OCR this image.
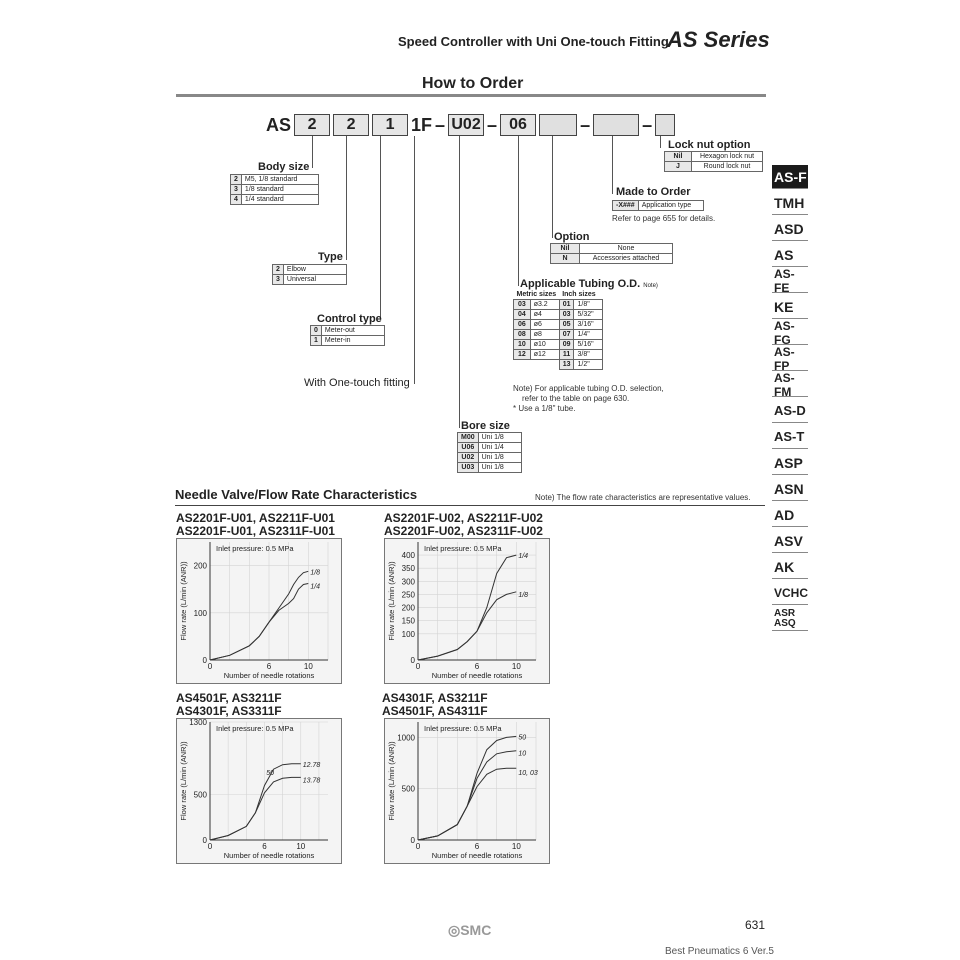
Speed Controller with Uni One-touch Fitting
AS Series
How to Order
AS	2	2	1 1F – U02 – 06	–	–
Body size
2	M5, 1/8 standard
3	1/8 standard
4	1/4 standard
Type
2	Elbow
3	Universal
Control type
0	Meter-out
1	Meter-in
With One-touch fitting
Bore size
M00	Uni 1/8
U06	Uni 1/4
U02	Uni 1/8
U03	Uni 1/8
Applicable Tubing O.D. Note)
Metric sizes		Inch sizes	
03	ø3.2	01	1/8"
04	ø4	03	5/32"
06	ø6	05	3/16"
08	ø8	07	1/4"
10	ø10	09	5/16"
12	ø12	11	3/8"
		13	1/2"
Note) For applicable tubing O.D. selection,
refer to the table on page 630.
* Use a 1/8" tube.
Option
Nil	None
N	Accessories attached
Made to Order
-X###	Application type
Refer to page 655 for details.
Lock nut option
Nil	Hexagon lock nut
J	Round lock nut
AS-F
TMH
ASD
AS
AS-FE
KE
AS-FG
AS-FP
AS-FM
AS-D
AS-T
ASP
ASN
AD
ASV
AK
VCHC
ASR ASQ
Needle Valve/Flow Rate Characteristics	Note) The flow rate characteristics are representative values.
AS2201F-U01, AS2211F-U01
AS2201F-U01, AS2311F-U01
AS2201F-U02, AS2211F-U02
AS2201F-U02, AS2311F-U02
AS4501F, AS3211F
AS4301F, AS3311F
AS4301F, AS3211F
AS4501F, AS4311F
0
100
200
0	6	10
Number of needle rotations
Flow rate (L/min (ANR))
Inlet pressure: 0.5 MPa
1/8
1/4
0
100
150
200
250
300
350
400
0	6	10
Number of needle rotations
Flow rate (L/min (ANR))
Inlet pressure: 0.5 MPa
1/4
1/8
0
500
1300
0	6	10
Number of needle rotations
Flow rate (L/min (ANR))
Inlet pressure: 0.5 MPa
12.78
13.78
50
0
500
1000
0	6	10
Number of needle rotations
Flow rate (L/min (ANR))
Inlet pressure: 0.5 MPa
50
10
10, 03
◎SMC	631
Best Pneumatics 6 Ver.5
